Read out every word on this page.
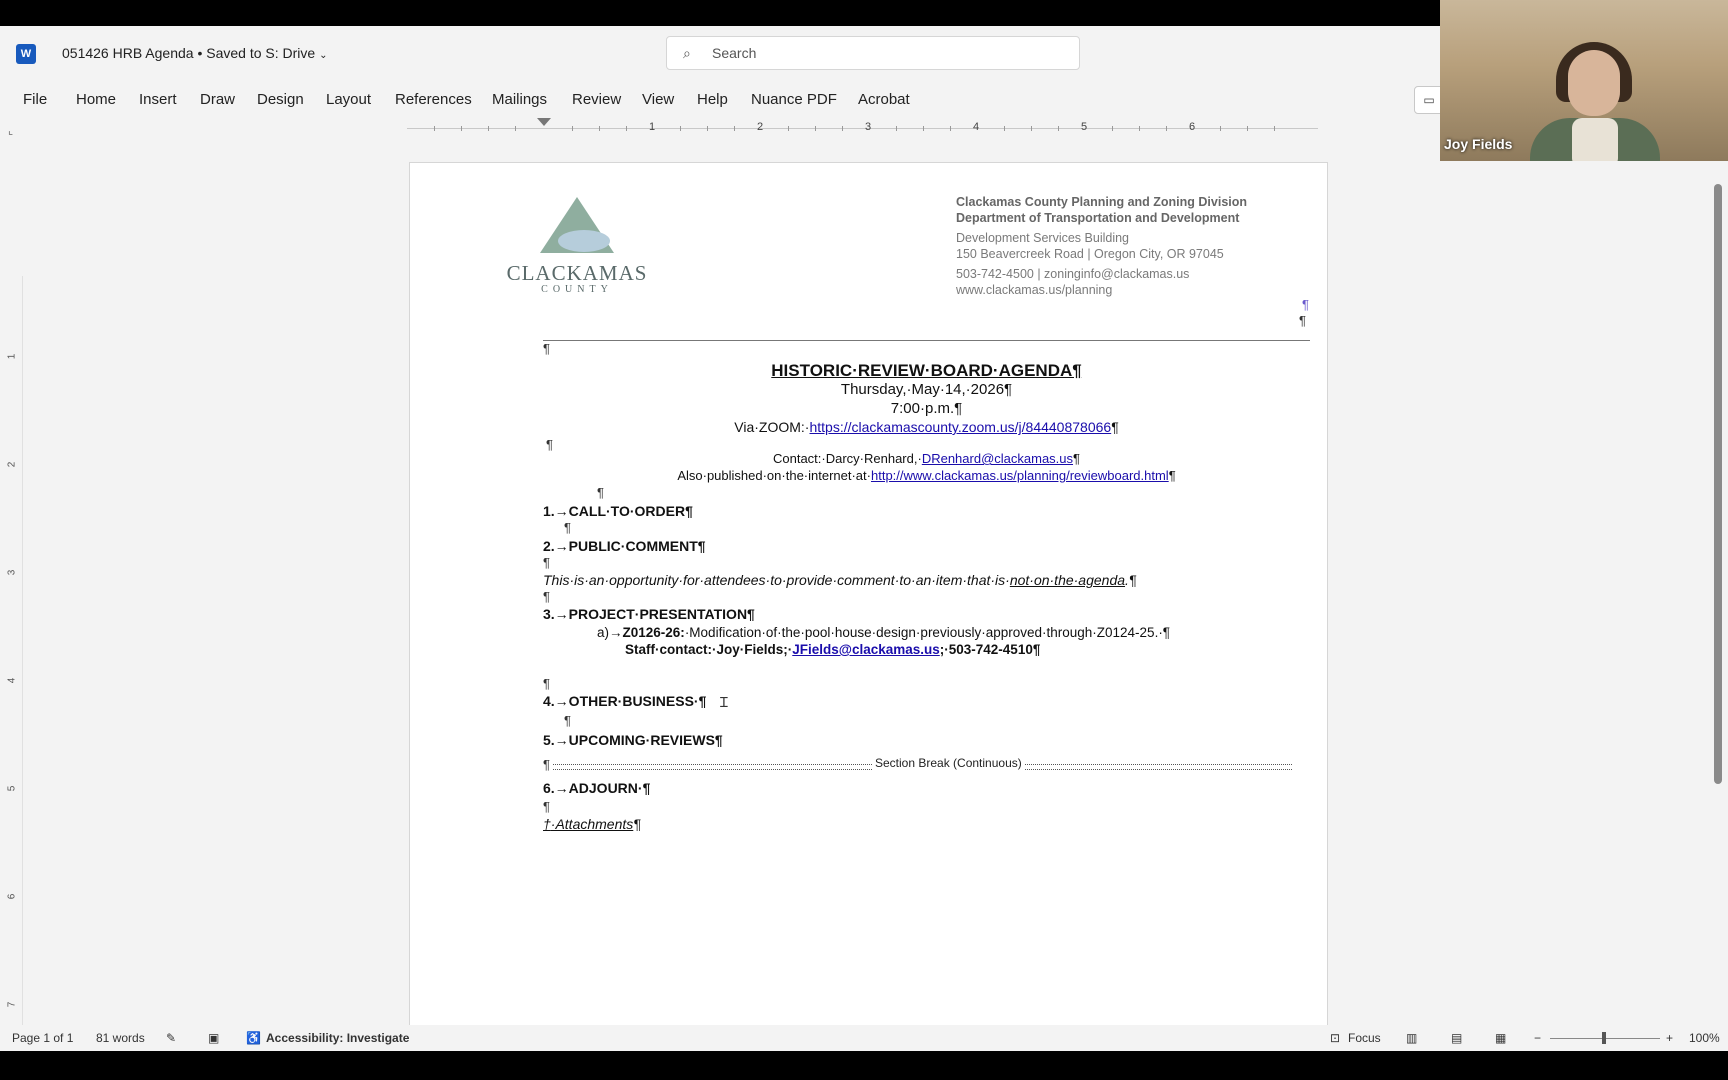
W	051426 HRB Agenda • Saved to S: Drive ⌄	⌕ Search
File Home Insert Draw Design Layout References Mailings Review View Help Nuance PDF Acrobat	▭
⌞	1	2	3	4	5	6
1
2
3
4
5
6
7
CLACKAMAS
COUNTY
Clackamas County Planning and Zoning Division
Department of Transportation and Development
Development Services Building
150 Beavercreek Road | Oregon City, OR 97045
503-742-4500 | zoninginfo@clackamas.us
www.clackamas.us/planning
¶
¶
¶
HISTORIC·REVIEW·BOARD·AGENDA¶
Thursday,·May·14,·2026¶
7:00·p.m.¶
Via·ZOOM:·https://clackamascounty.zoom.us/j/84440878066¶
¶
Contact:·Darcy·Renhard,·DRenhard@clackamas.us¶
Also·published·on·the·internet·at·http://www.clackamas.us/planning/reviewboard.html¶
¶
1.→CALL·TO·ORDER¶
¶
2.→PUBLIC·COMMENT¶
¶
This·is·an·opportunity·for·attendees·to·provide·comment·to·an·item·that·is·not·on·the·agenda.¶
¶
3.→PROJECT·PRESENTATION¶
a)→Z0126-26:·Modification·of·the·pool·house·design·previously·approved·through·Z0124-25.·¶
Staff·contact:·Joy·Fields;·JFields@clackamas.us;·503-742-4510¶
¶
4.→OTHER·BUSINESS·¶
¶
5.→UPCOMING·REVIEWS¶
¶	Section Break (Continuous)
6.→ADJOURN·¶
¶
†·Attachments¶
Ɪ
Page 1 of 1 81 words ✎	▣ ♿ Accessibility: Investigate	⊡ Focus ▥	▤	▦ −	+ 100%
Joy Fields
